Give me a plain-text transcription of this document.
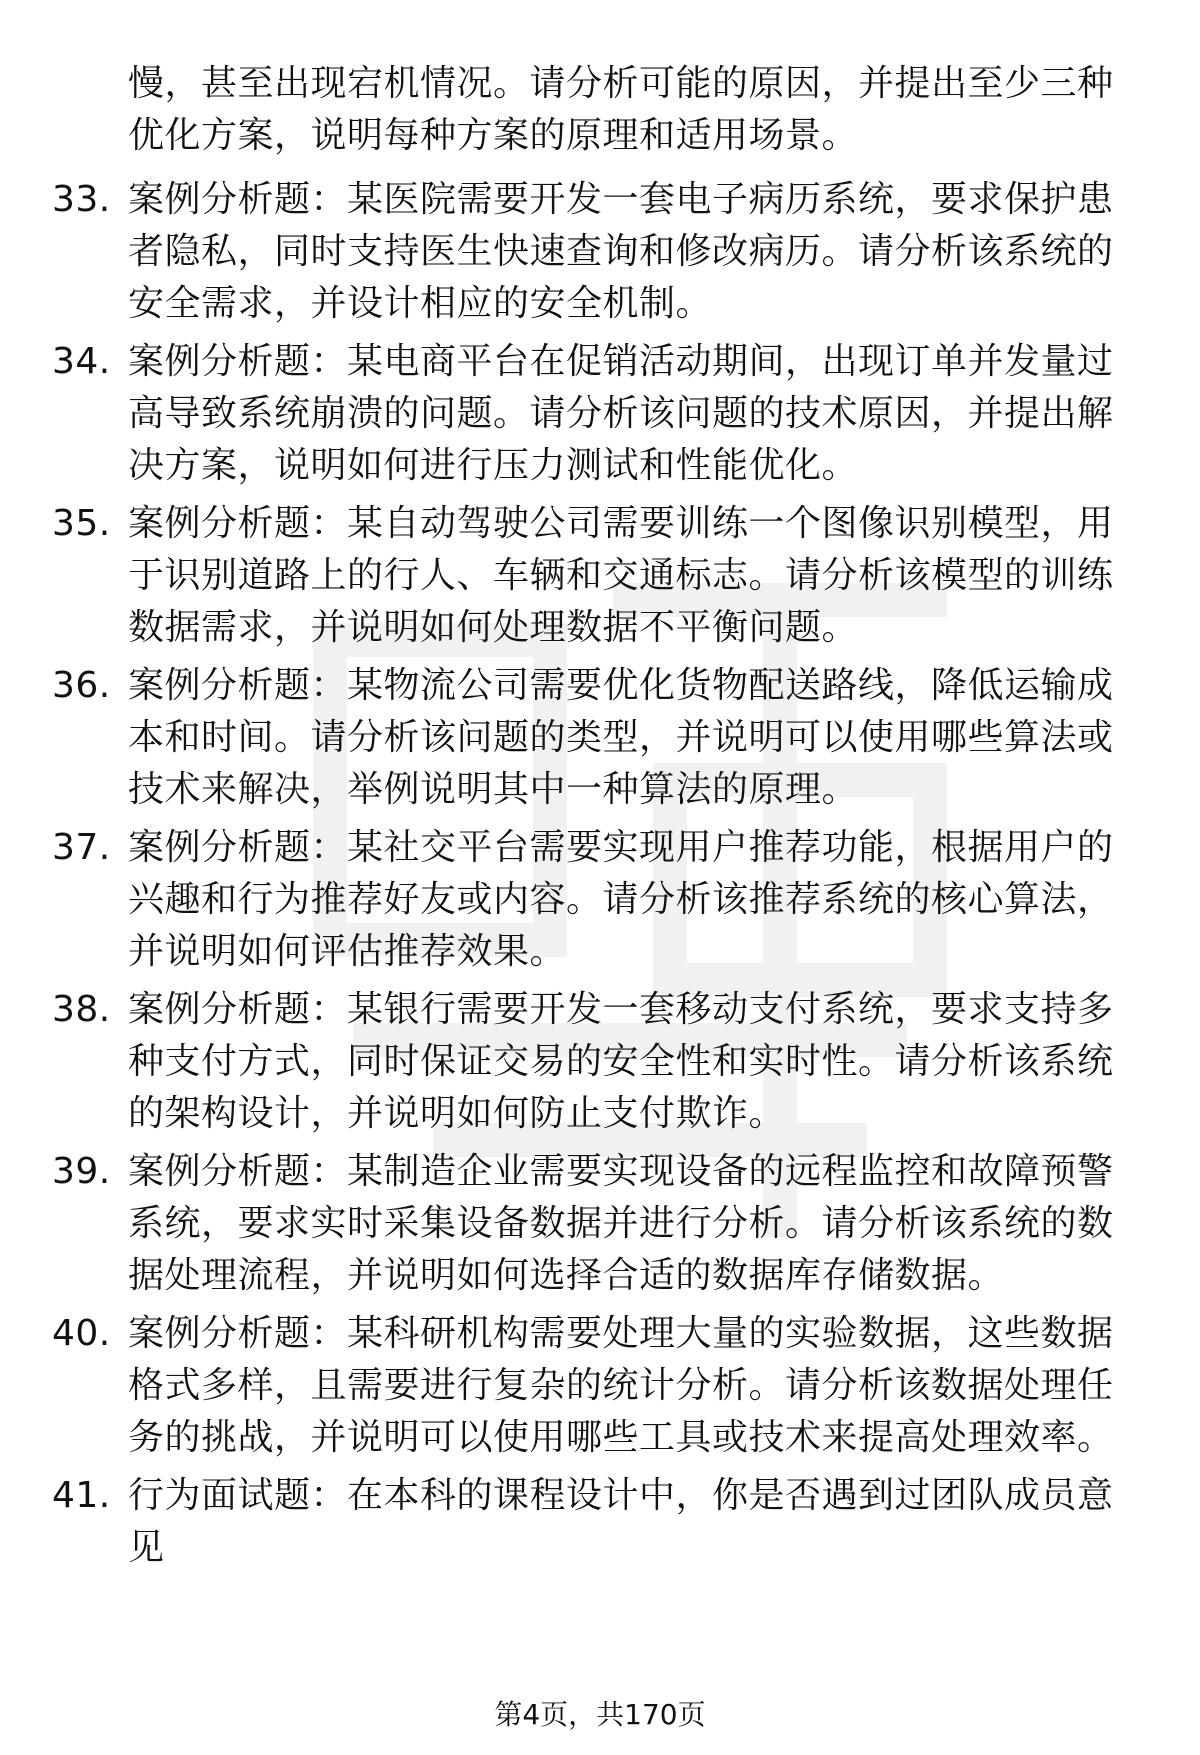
慢，甚至出现宕机情况。请分析可能的原因，并提出至少三种优化方案，说明每种方案的原理和适用场景。
33. 案例分析题：某医院需要开发一套电子病历系统，要求保护患者隐私，同时支持医生快速查询和修改病历。请分析该系统的安全需求，并设计相应的安全机制。
34. 案例分析题：某电商平台在促销活动期间，出现订单并发量过高导致系统崩溃的问题。请分析该问题的技术原因，并提出解决方案，说明如何进行压力测试和性能优化。
35. 案例分析题：某自动驾驶公司需要训练一个图像识别模型，用于识别道路上的行人、车辆和交通标志。请分析该模型的训练数据需求，并说明如何处理数据不平衡问题。
36. 案例分析题：某物流公司需要优化货物配送路线，降低运输成本和时间。请分析该问题的类型，并说明可以使用哪些算法或技术来解决，举例说明其中一种算法的原理。
37. 案例分析题：某社交平台需要实现用户推荐功能，根据用户的兴趣和行为推荐好友或内容。请分析该推荐系统的核心算法，并说明如何评估推荐效果。
38. 案例分析题：某银行需要开发一套移动支付系统，要求支持多种支付方式，同时保证交易的安全性和实时性。请分析该系统的架构设计，并说明如何防止支付欺诈。
39. 案例分析题：某制造企业需要实现设备的远程监控和故障预警系统，要求实时采集设备数据并进行分析。请分析该系统的数据处理流程，并说明如何选择合适的数据库存储数据。
40. 案例分析题：某科研机构需要处理大量的实验数据，这些数据格式多样，且需要进行复杂的统计分析。请分析该数据处理任务的挑战，并说明可以使用哪些工具或技术来提高处理效率。
41. 行为面试题：在本科的课程设计中，你是否遇到过团队成员意见
第4页，共170页
